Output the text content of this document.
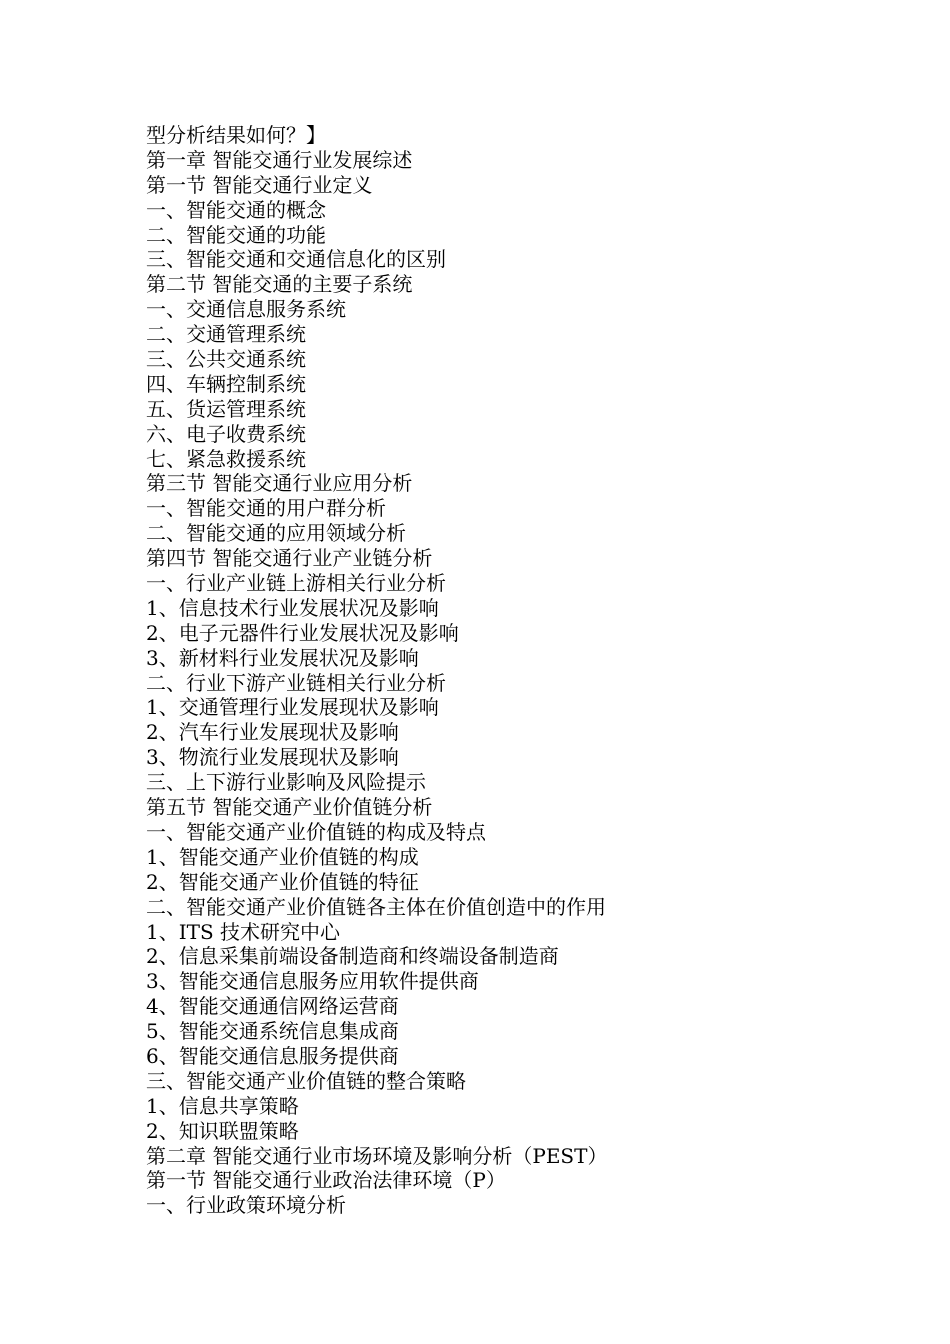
型分析结果如何？】
第一章 智能交通行业发展综述
第一节 智能交通行业定义
一、智能交通的概念
二、智能交通的功能
三、智能交通和交通信息化的区别
第二节 智能交通的主要子系统
一、交通信息服务系统
二、交通管理系统
三、公共交通系统
四、车辆控制系统
五、货运管理系统
六、电子收费系统
七、紧急救援系统
第三节 智能交通行业应用分析
一、智能交通的用户群分析
二、智能交通的应用领域分析
第四节 智能交通行业产业链分析
一、行业产业链上游相关行业分析
1、信息技术行业发展状况及影响
2、电子元器件行业发展状况及影响
3、新材料行业发展状况及影响
二、行业下游产业链相关行业分析
1、交通管理行业发展现状及影响
2、汽车行业发展现状及影响
3、物流行业发展现状及影响
三、上下游行业影响及风险提示
第五节 智能交通产业价值链分析
一、智能交通产业价值链的构成及特点
1、智能交通产业价值链的构成
2、智能交通产业价值链的特征
二、智能交通产业价值链各主体在价值创造中的作用
1、ITS 技术研究中心
2、信息采集前端设备制造商和终端设备制造商
3、智能交通信息服务应用软件提供商
4、智能交通通信网络运营商
5、智能交通系统信息集成商
6、智能交通信息服务提供商
三、智能交通产业价值链的整合策略
1、信息共享策略
2、知识联盟策略
第二章 智能交通行业市场环境及影响分析（PEST）
第一节 智能交通行业政治法律环境（P）
一、行业政策环境分析
